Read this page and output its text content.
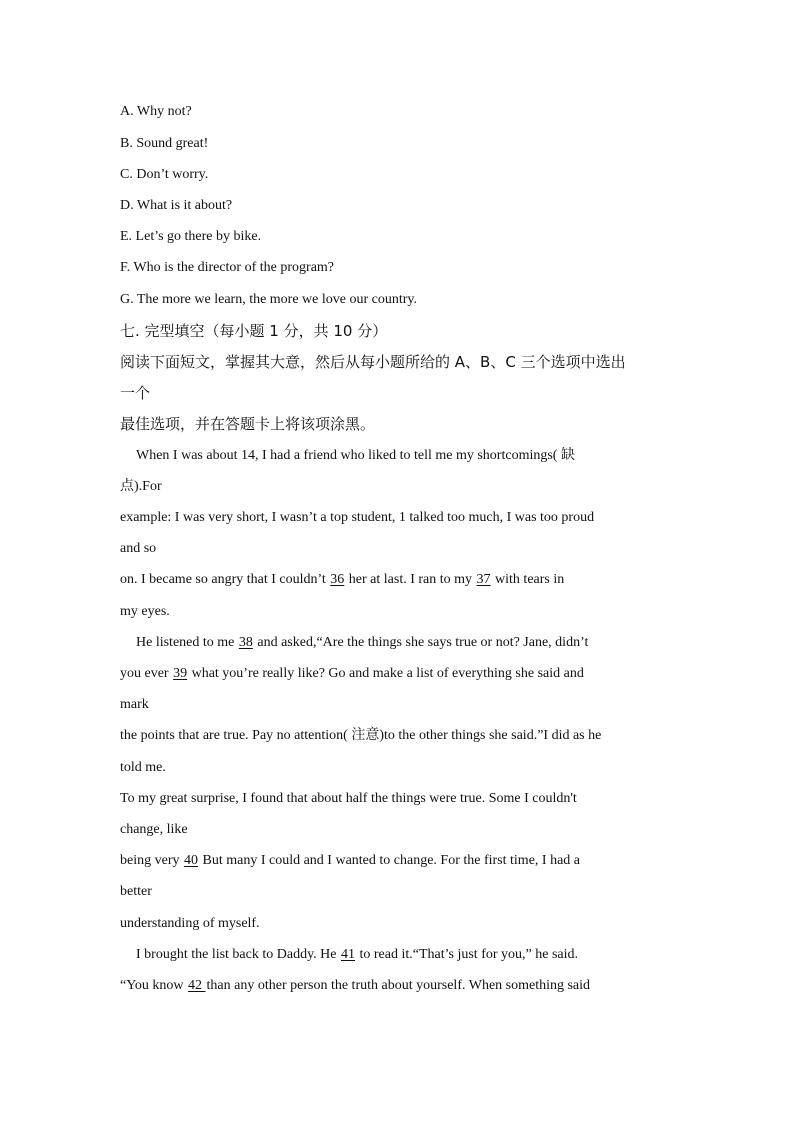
A. Why not?
B. Sound great!
C. Don’t worry.
D. What is it about?
E. Let’s go there by bike.
F. Who is the director of the program?
G. The more we learn, the more we love our country.
七. 完型填空（每小题 1 分，共 10 分）
阅读下面短文，掌握其大意，然后从每小题所给的 A、B、C 三个选项中选出
一个
最佳选项，并在答题卡上将该项涂黑。
When I was about 14, I had a friend who liked to tell me my shortcomings( 缺
点).For
example: I was very short, I wasn’t a top student, 1 talked too much, I was too proud
and so
on. I became so angry that I couldn’t 36 her at last. I ran to my 37 with tears in
my eyes.
He listened to me 38 and asked,“Are the things she says true or not? Jane, didn’t
you ever 39 what you’re really like? Go and make a list of everything she said and
mark
the points that are true. Pay no attention( 注意)to the other things she said.”I did as he
told me.
To my great surprise, I found that about half the things were true. Some I couldn't
change, like
being very 40 But many I could and I wanted to change. For the first time, I had a
better
understanding of myself.
I brought the list back to Daddy. He 41 to read it.“That’s just for you,” he said.
“You know 42 than any other person the truth about yourself. When something said
